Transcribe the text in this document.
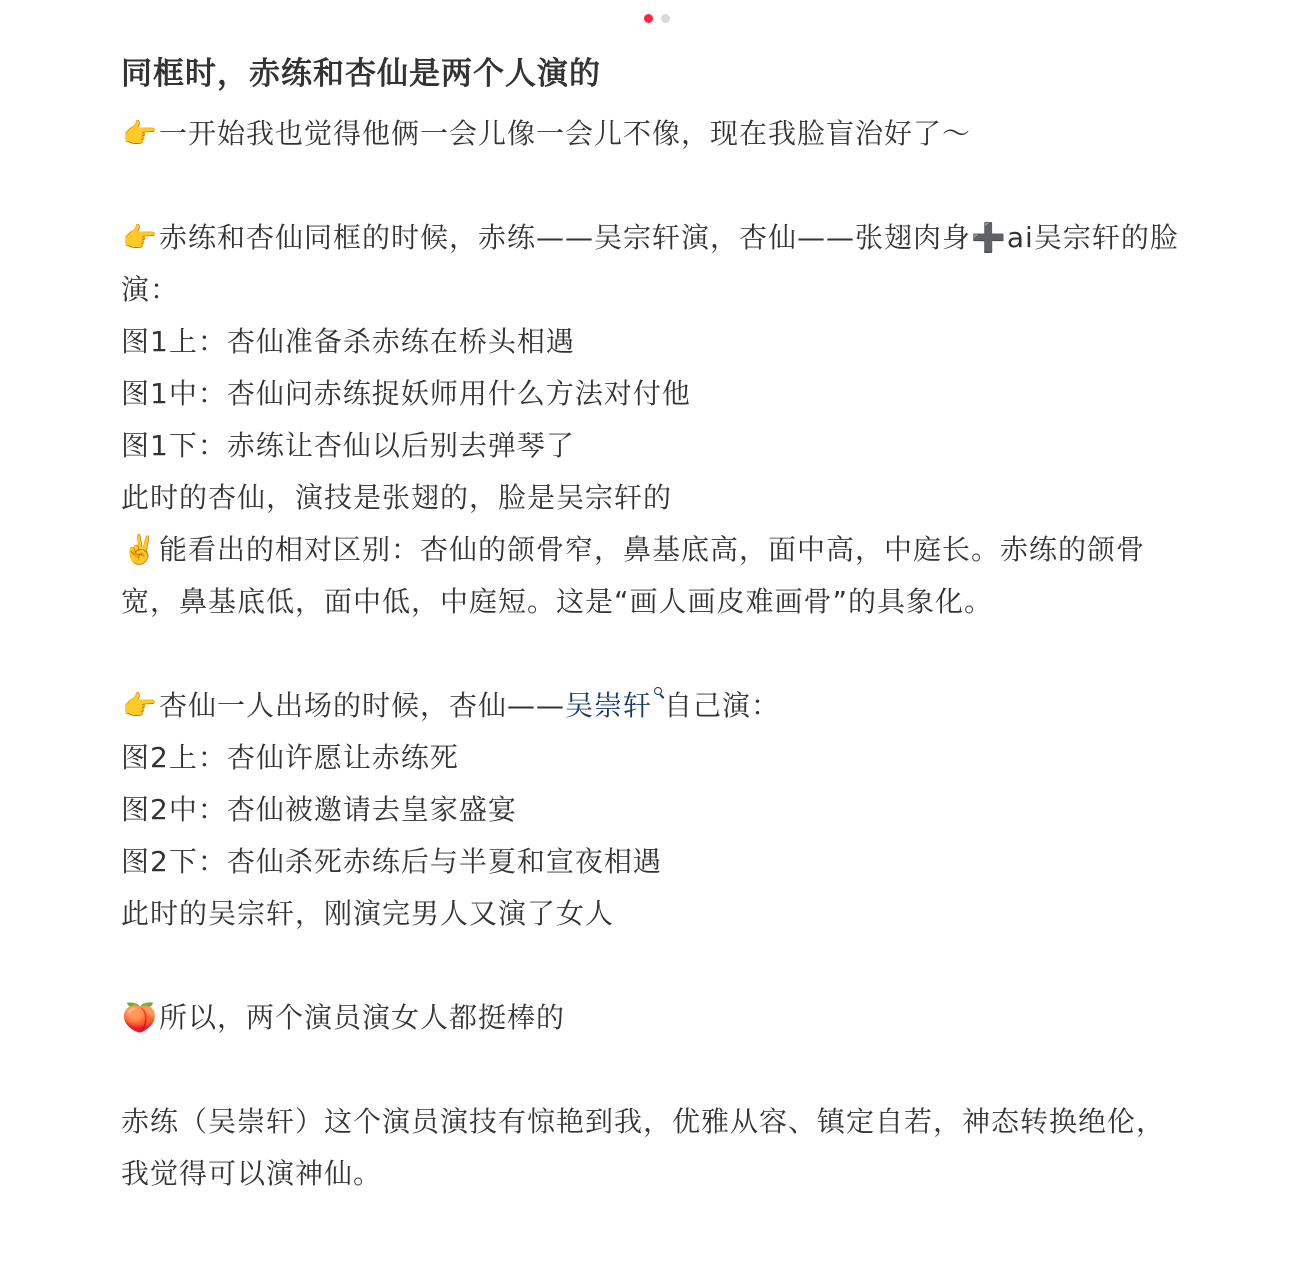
同框时，赤练和杏仙是两个人演的

👉一开始我也觉得他俩一会儿像一会儿不像，现在我脸盲治好了～

👉赤练和杏仙同框的时候，赤练——吴宗轩演，杏仙——张翅肉身➕ai吴宗轩的脸演：

图1上：杏仙准备杀赤练在桥头相遇

图1中：杏仙问赤练捉妖师用什么方法对付他

图1下：赤练让杏仙以后别去弹琴了

此时的杏仙，演技是张翅的，脸是吴宗轩的

✌️能看出的相对区别：杏仙的颌骨窄，鼻基底高，面中高，中庭长。赤练的颌骨宽，鼻基底低，面中低，中庭短。这是“画人画皮难画骨”的具象化。

👉杏仙一人出场的时候，杏仙——吴崇轩 自己演：

图2上：杏仙许愿让赤练死

图2中：杏仙被邀请去皇家盛宴

图2下：杏仙杀死赤练后与半夏和宣夜相遇

此时的吴宗轩，刚演完男人又演了女人

🍑所以，两个演员演女人都挺棒的

赤练（吴崇轩）这个演员演技有惊艳到我，优雅从容、镇定自若，神态转换绝伦，我觉得可以演神仙。
